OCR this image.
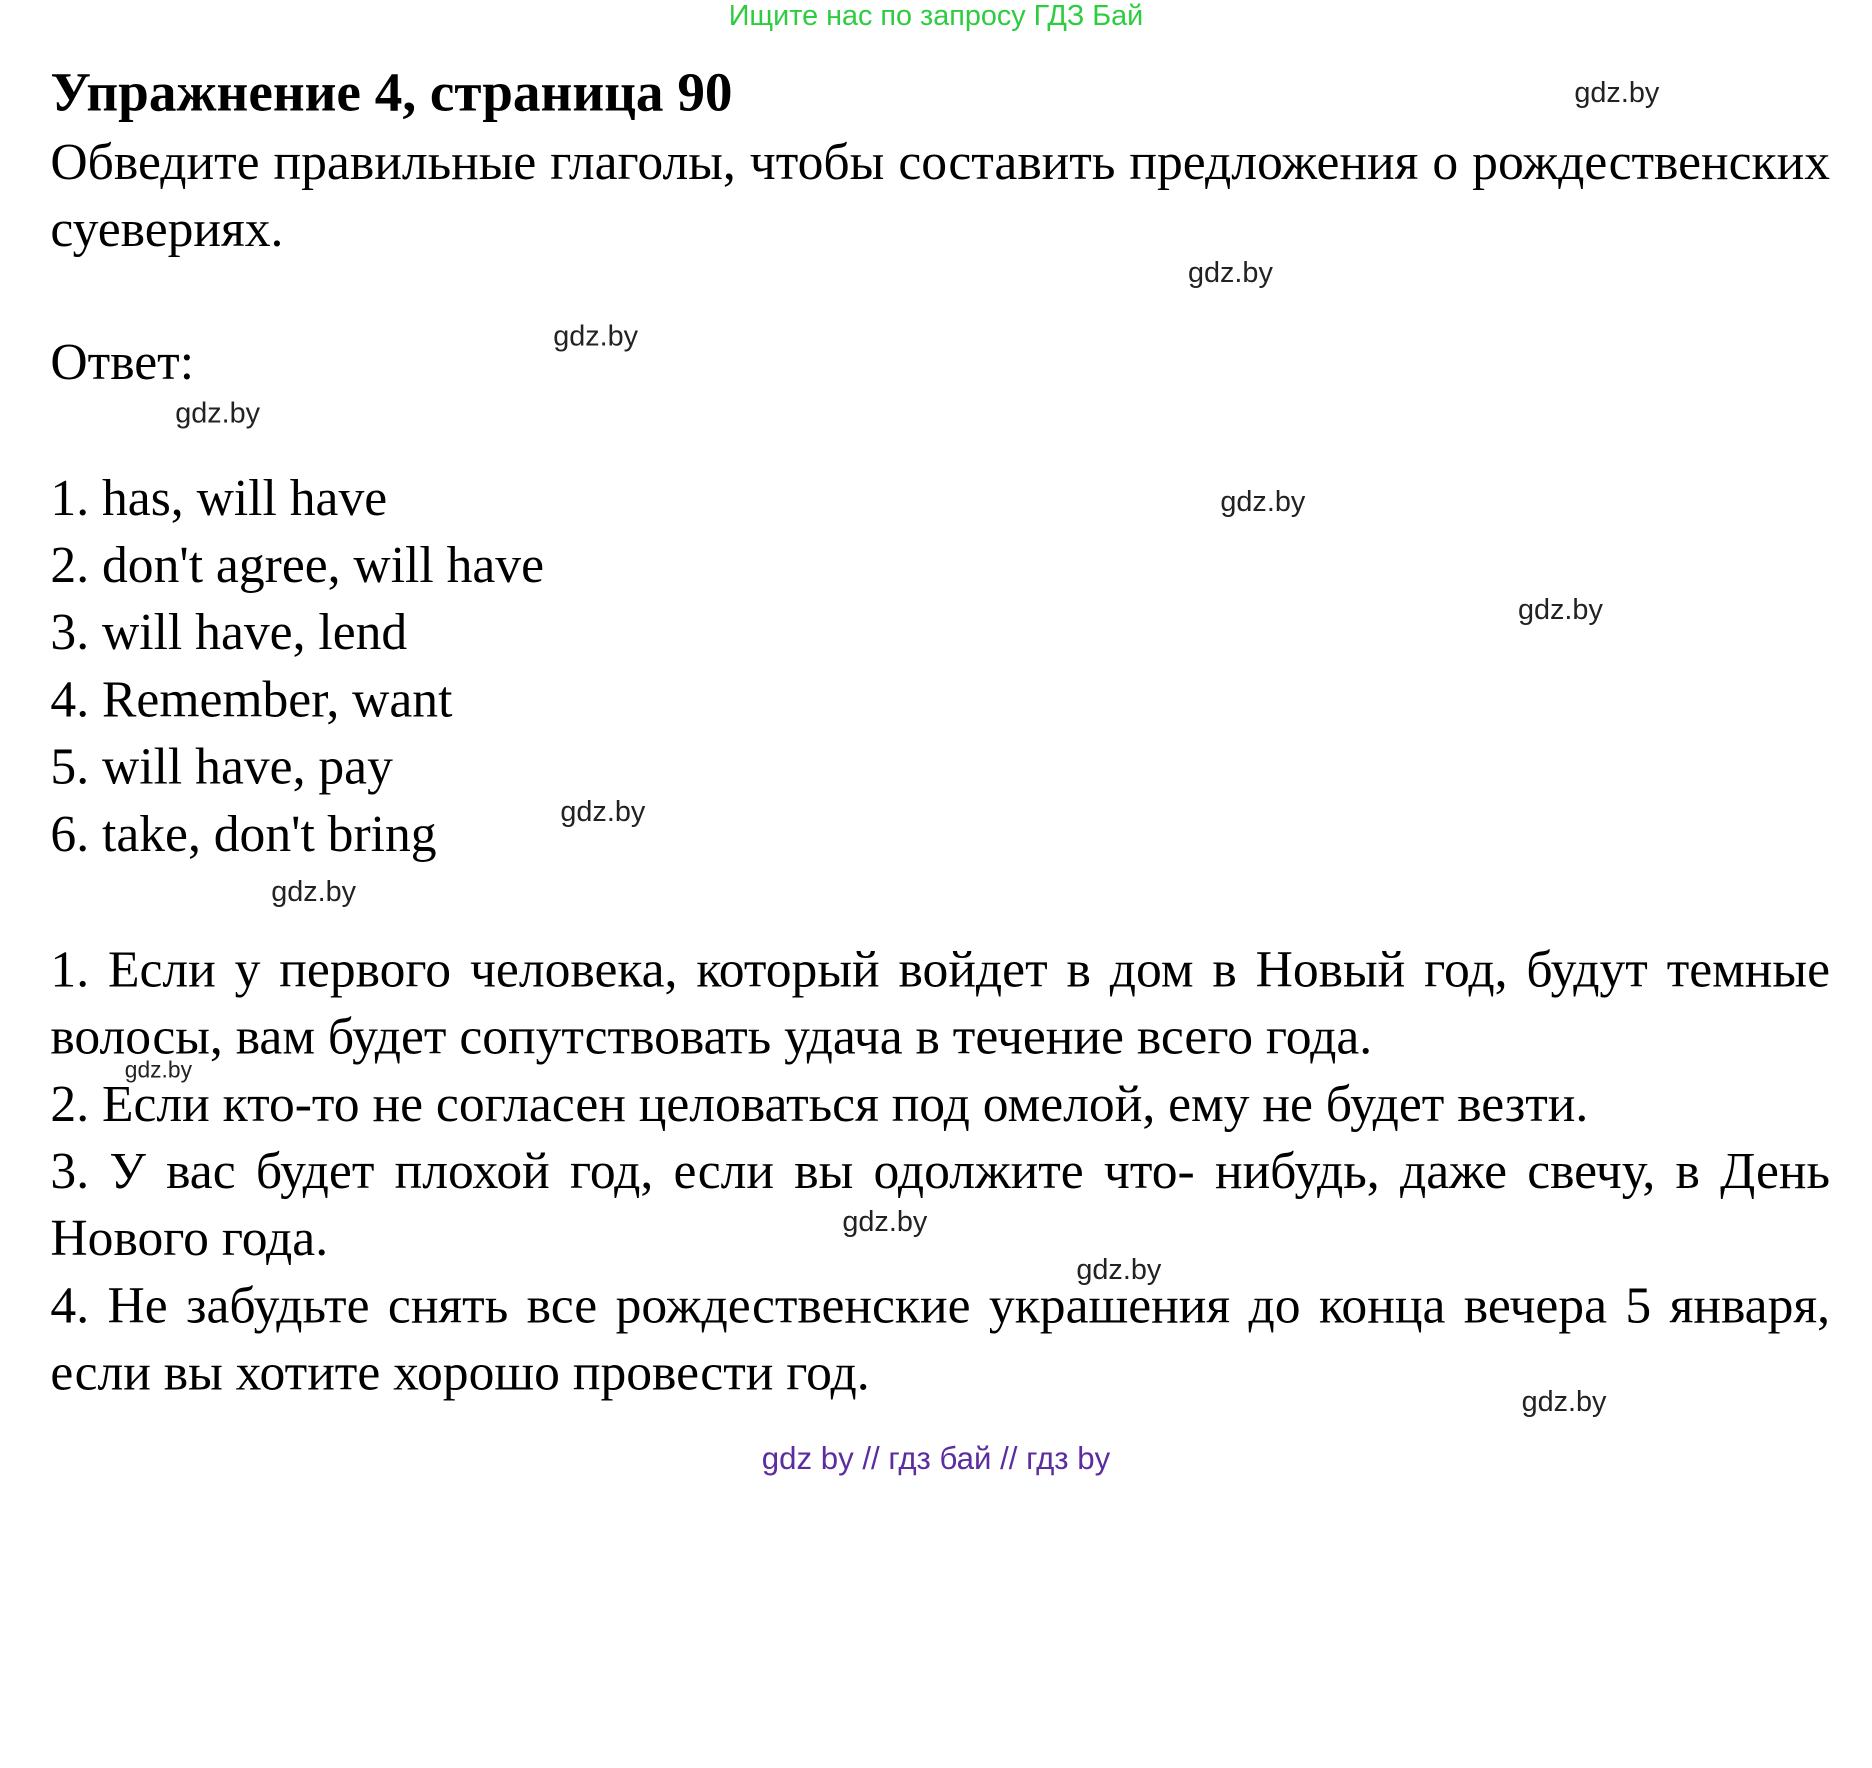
Ищите нас по запросу ГДЗ Бай
Упражнение 4, страница 90
Обведите правильные глаголы, чтобы составить предложения о рождественских суевериях.
Ответ:
1. has, will have
2. don't agree, will have
3. will have, lend
4. Remember, want
5. will have, pay
6. take, don't bring
1. Если у первого человека, который войдет в дом в Новый год, будут темные волосы, вам будет сопутствовать удача в течение всего года.
2. Если кто-то не согласен целоваться под омелой, ему не будет везти.
3. У вас будет плохой год, если вы одолжите что- нибудь, даже свечу, в День Нового года.
4. Не забудьте снять все рождественские украшения до конца вечера 5 января, если вы хотите хорошо провести год.
gdz.by
gdz.by
gdz.by
gdz.by
gdz.by
gdz.by
gdz.by
gdz.by
gdz.by
gdz.by
gdz.by
gdz.by
gdz by // гдз бай // гдз by
